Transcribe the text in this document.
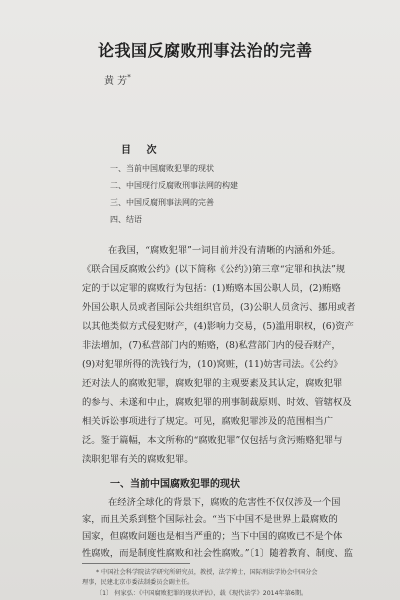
论我国反腐败刑事法治的完善
黄 芳*
目 次
一、当前中国腐败犯罪的现状
二、中国现行反腐败刑事法网的构建
三、中国反腐刑事法网的完善
四、结语
在我国，“腐败犯罪”一词目前并没有清晰的内涵和外延。
《联合国反腐败公约》(以下简称《公约》)第三章“定罪和执法”规
定的于以定罪的腐败行为包括：(1)贿赂本国公职人员，(2)贿赂
外国公职人员或者国际公共组织官员，(3)公职人员贪污、挪用或者
以其他类似方式侵犯财产，(4)影响力交易，(5)滥用职权，(6)资产
非法增加，(7)私营部门内的贿赂，(8)私营部门内的侵吞财产，
(9)对犯罪所得的洗钱行为，(10)窝赃，(11)妨害司法。《公约》
还对法人的腐败犯罪，腐败犯罪的主观要素及其认定，腐败犯罪
的参与、未遂和中止，腐败犯罪的刑事制裁原则、时效、管辖权及
相关诉讼事项进行了规定。可见，腐败犯罪涉及的范围相当广
泛。鉴于篇幅，本文所称的“腐败犯罪”仅包括与贪污贿赂犯罪与
渎职犯罪有关的腐败犯罪。
一、当前中国腐败犯罪的现状
在经济全球化的背景下，腐败的危害性不仅仅涉及一个国
家，而且关系到整个国际社会。“当下中国不是世界上最腐败的
国家，但腐败问题也是相当严重的；当下中国的腐败已不是个体
性腐败，而是制度性腐败和社会性腐败。”〔1〕随着教育、制度、监
* 中国社会科学院法学研究所研究员，教授，法学博士，国际刑法学协会中国分会
理事，民建北京市委法制委员会副主任。
〔1〕 何家弘：《中国腐败犯罪的现状评估》，载《现代法学》2014年第6期。
